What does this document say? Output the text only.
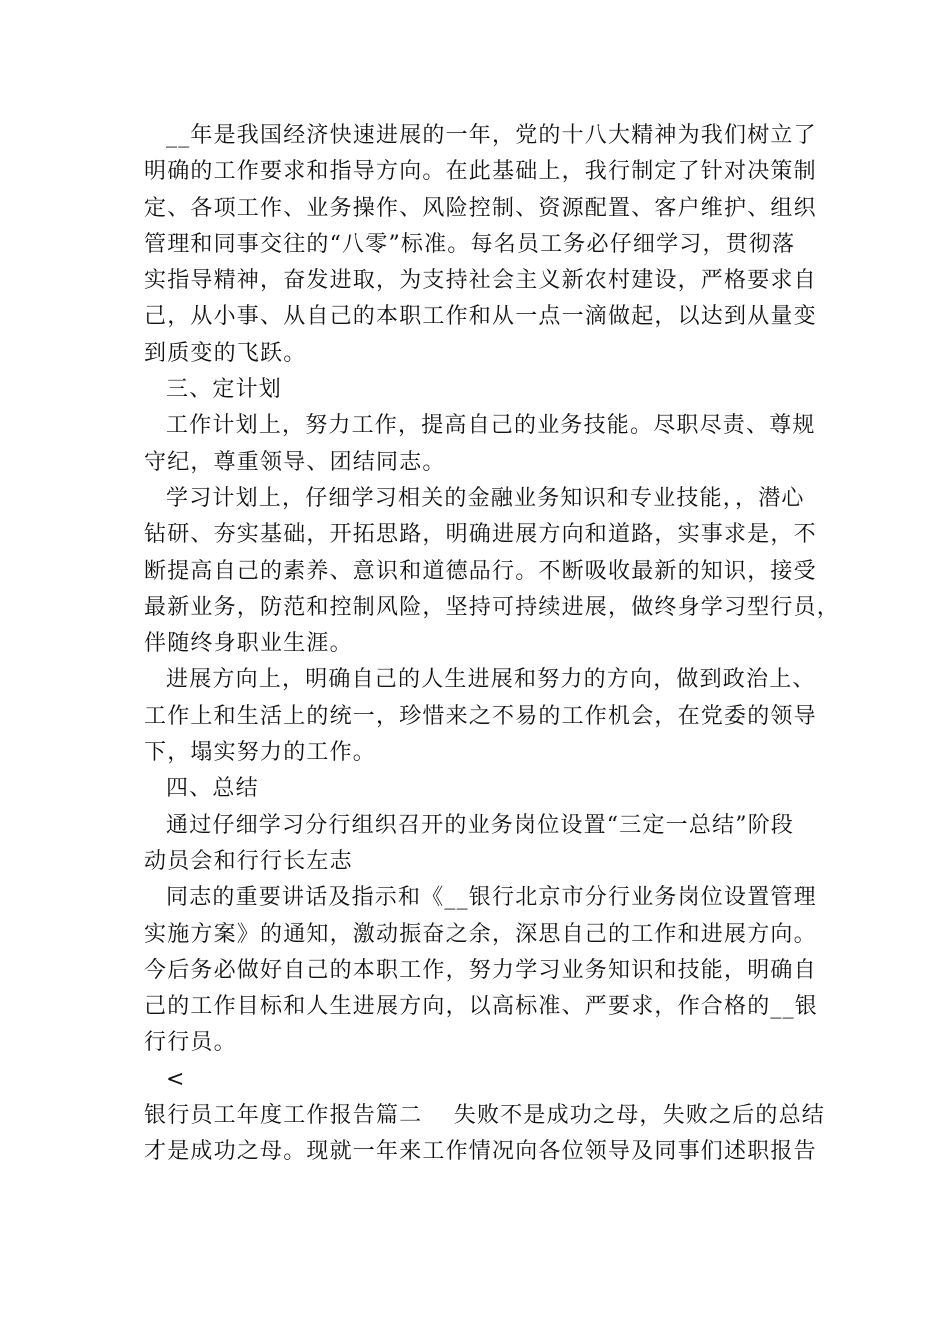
__年是我国经济快速进展的一年，党的十八大精神为我们树立了
明确的工作要求和指导方向。在此基础上，我行制定了针对决策制
定、各项工作、业务操作、风险控制、资源配置、客户维护、组织
管理和同事交往的“八零”标准。每名员工务必仔细学习，贯彻落
实指导精神，奋发进取，为支持社会主义新农村建设，严格要求自
己，从小事、从自己的本职工作和从一点一滴做起，以达到从量变
到质变的飞跃。
三、定计划
工作计划上，努力工作，提高自己的业务技能。尽职尽责、尊规
守纪，尊重领导、团结同志。
学习计划上，仔细学习相关的金融业务知识和专业技能，，潜心
钻研、夯实基础，开拓思路，明确进展方向和道路，实事求是，不
断提高自己的素养、意识和道德品行。不断吸收最新的知识，接受
最新业务，防范和控制风险，坚持可持续进展，做终身学习型行员，
伴随终身职业生涯。
进展方向上，明确自己的人生进展和努力的方向，做到政治上、
工作上和生活上的统一，珍惜来之不易的工作机会，在党委的领导
下，塌实努力的工作。
四、总结
通过仔细学习分行组织召开的业务岗位设置“三定一总结”阶段
动员会和行行长左志
同志的重要讲话及指示和《__银行北京市分行业务岗位设置管理
实施方案》的通知，激动振奋之余，深思自己的工作和进展方向。
今后务必做好自己的本职工作，努力学习业务知识和技能，明确自
己的工作目标和人生进展方向，以高标准、严要求，作合格的__银
行行员。
<
银行员工年度工作报告篇二　 失败不是成功之母，失败之后的总结
才是成功之母。现就一年来工作情况向各位领导及同事们述职报告
